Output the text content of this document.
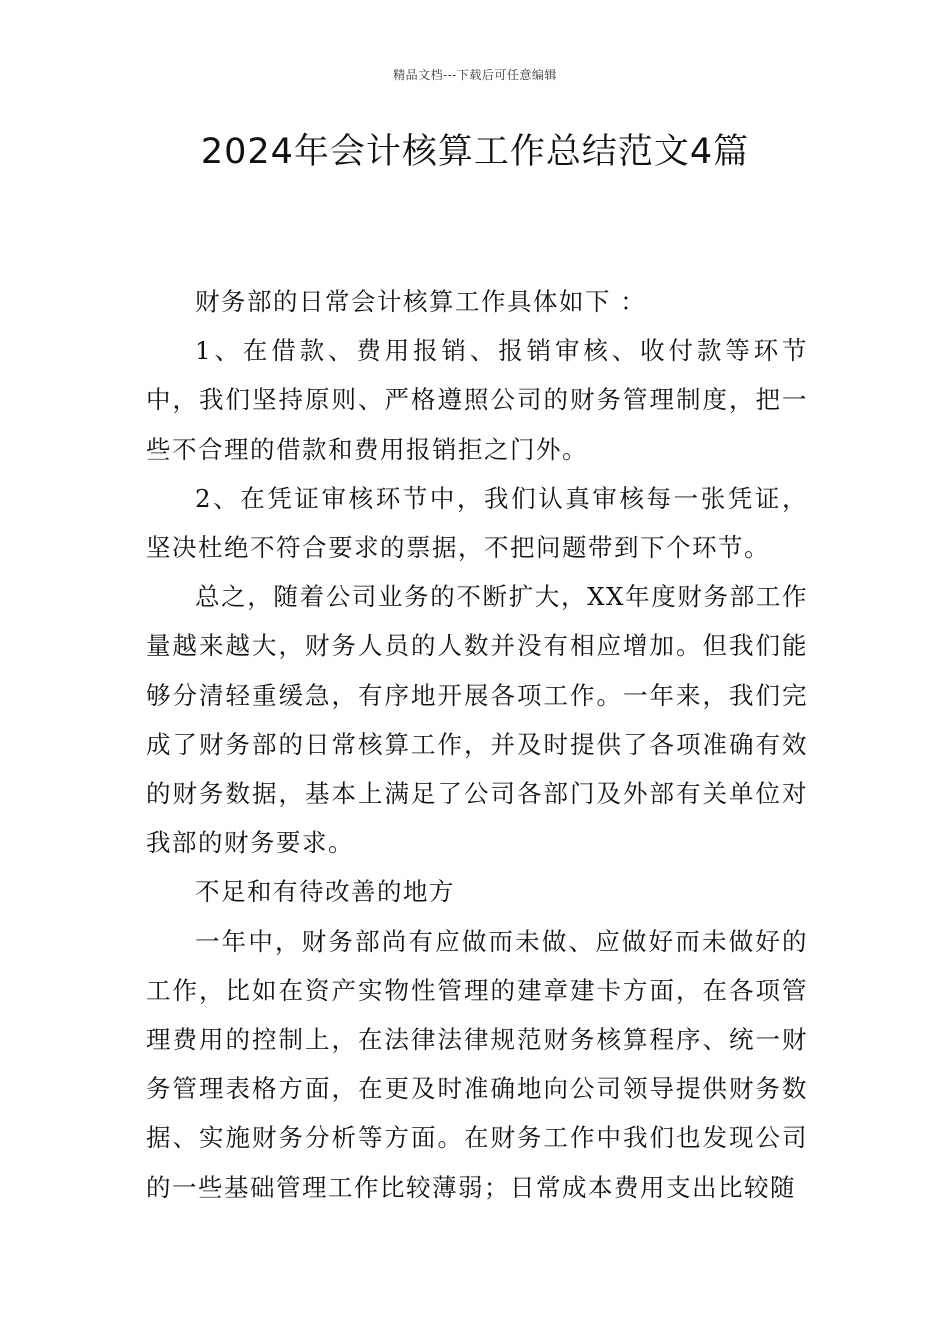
精品文档---下载后可任意编辑
2024年会计核算工作总结范文4篇

财务部的日常会计核算工作具体如下 ：

1、在借款、费用报销、报销审核、收付款等环节中，我们坚持原则、严格遵照公司的财务管理制度，把一些不合理的借款和费用报销拒之门外。

2、在凭证审核环节中，我们认真审核每一张凭证，坚决杜绝不符合要求的票据，不把问题带到下个环节。

总之，随着公司业务的不断扩大，XX年度财务部工作量越来越大，财务人员的人数并没有相应增加。但我们能够分清轻重缓急，有序地开展各项工作。一年来，我们完成了财务部的日常核算工作，并及时提供了各项准确有效的财务数据，基本上满足了公司各部门及外部有关单位对我部的财务要求。

不足和有待改善的地方

一年中，财务部尚有应做而未做、应做好而未做好的工作，比如在资产实物性管理的建章建卡方面，在各项管理费用的控制上，在法律法律规范财务核算程序、统一财务管理表格方面，在更及时准确地向公司领导提供财务数据、实施财务分析等方面。在财务工作中我们也发现公司的一些基础管理工作比较薄弱；日常成本费用支出比较随
